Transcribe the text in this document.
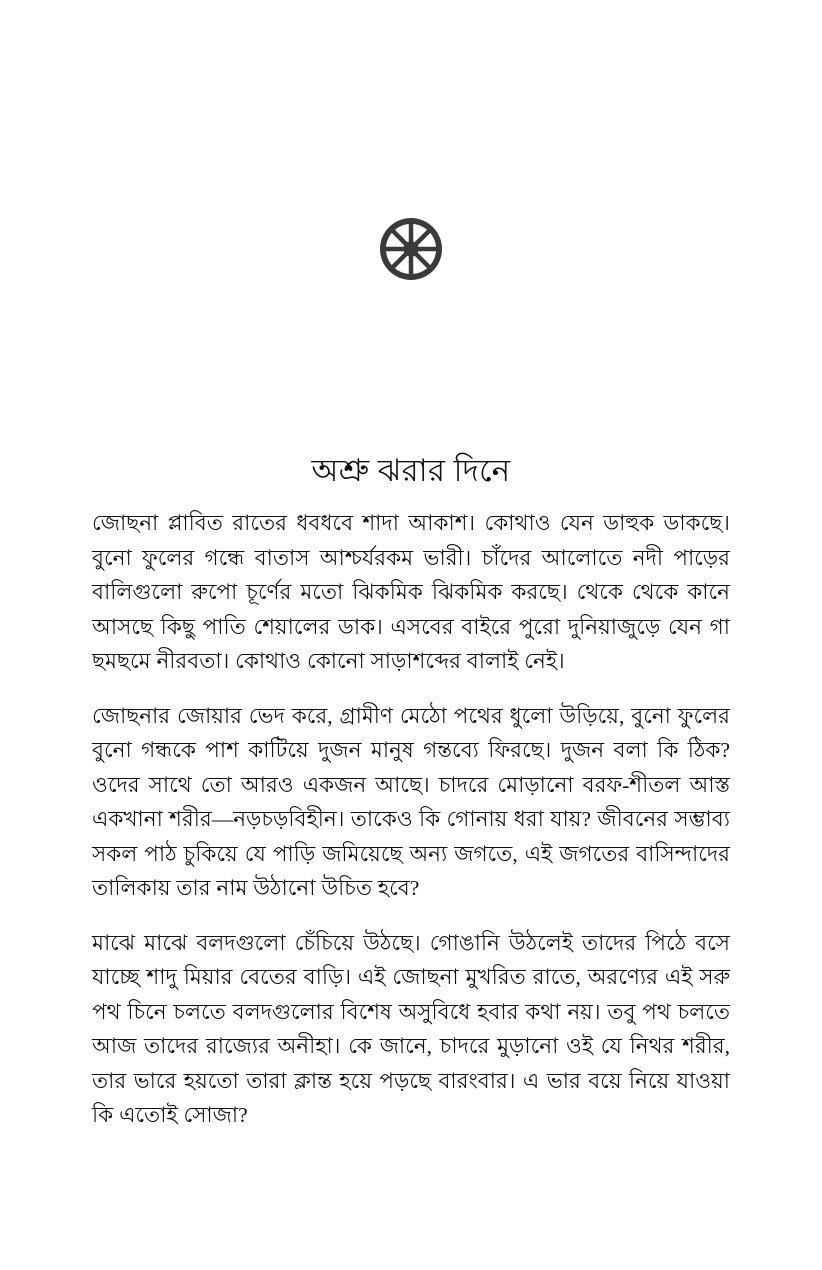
অশ্রু ঝরার দিনে

জোছনা প্লাবিত রাতের ধবধবে শাদা আকাশ। কোথাও যেন ডাহুক ডাকছে। বুনো ফুলের গন্ধে বাতাস আশ্চর্যরকম ভারী। চাঁদের আলোতে নদী পাড়ের বালিগুলো রুপো চূর্ণের মতো ঝিকমিক ঝিকমিক করছে। থেকে থেকে কানে আসছে কিছু পাতি শেয়ালের ডাক। এসবের বাইরে পুরো দুনিয়াজুড়ে যেন গা ছমছমে নীরবতা। কোথাও কোনো সাড়াশব্দের বালাই নেই।

জোছনার জোয়ার ভেদ করে, গ্রামীণ মেঠো পথের ধুলো উড়িয়ে, বুনো ফুলের বুনো গন্ধকে পাশ কাটিয়ে দুজন মানুষ গন্তব্যে ফিরছে। দুজন বলা কি ঠিক? ওদের সাথে তো আরও একজন আছে। চাদরে মোড়ানো বরফ-শীতল আস্ত একখানা শরীর—নড়চড়বিহীন। তাকেও কি গোনায় ধরা যায়? জীবনের সম্ভাব্য সকল পাঠ চুকিয়ে যে পাড়ি জমিয়েছে অন্য জগতে, এই জগতের বাসিন্দাদের তালিকায় তার নাম উঠানো উচিত হবে?

মাঝে মাঝে বলদগুলো চেঁচিয়ে উঠছে। গোঙানি উঠলেই তাদের পিঠে বসে যাচ্ছে শাদু মিয়ার বেতের বাড়ি। এই জোছনা মুখরিত রাতে, অরণ্যের এই সরু পথ চিনে চলতে বলদগুলোর বিশেষ অসুবিধে হবার কথা নয়। তবু পথ চলতে আজ তাদের রাজ্যের অনীহা। কে জানে, চাদরে মুড়ানো ওই যে নিথর শরীর, তার ভারে হয়তো তারা ক্লান্ত হয়ে পড়ছে বারংবার। এ ভার বয়ে নিয়ে যাওয়া কি এতোই সোজা?
